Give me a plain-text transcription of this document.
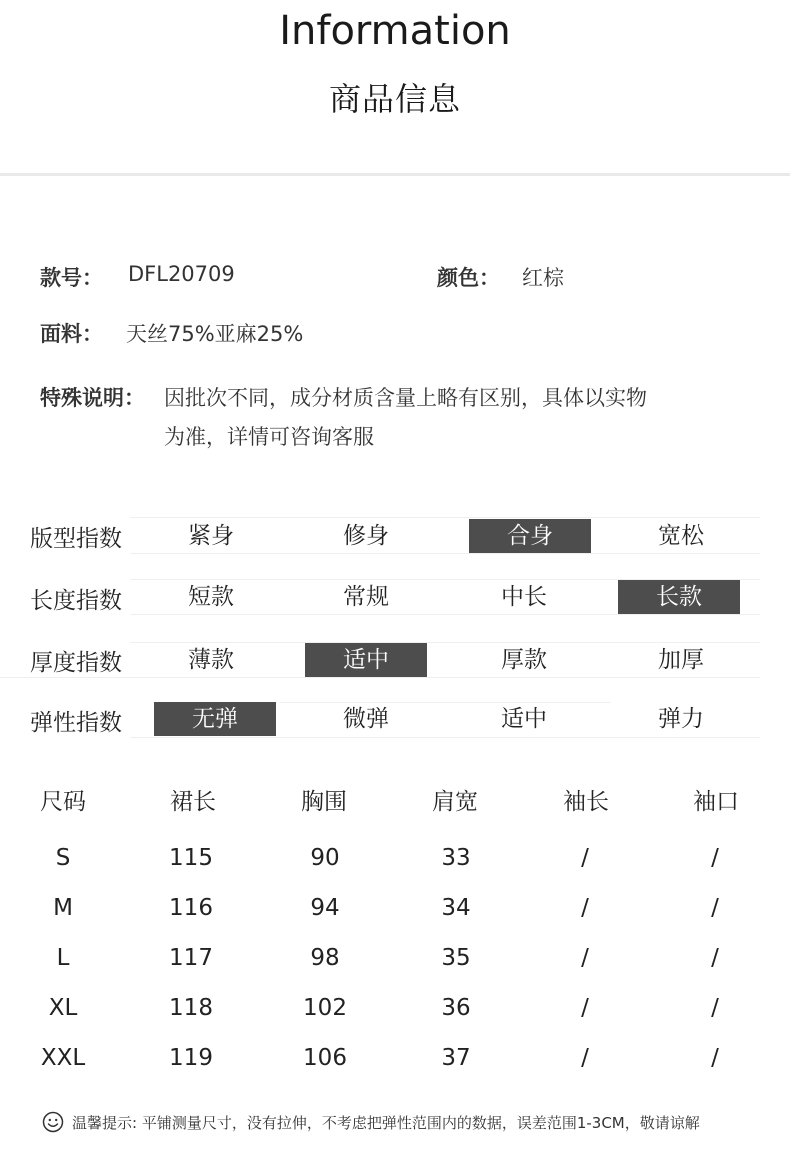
Information
商品信息
款号： DFL20709	颜色： 红棕
面料： 天丝75%亚麻25%
特殊说明： 因批次不同，成分材质含量上略有区别，具体以实物
为准，详情可咨询客服
版型指数	紧身	修身	合身	宽松
长度指数	短款	常规	中长	长款
厚度指数	薄款	适中	厚款	加厚
弹性指数	无弹	微弹	适中	弹力
尺码	裙长	胸围	肩宽	袖长	袖口
S	115	90	33	/	/
M	116	94	34	/	/
L	117	98	35	/	/
XL	118	102	36	/	/
XXL	119	106	37	/	/
温馨提示: 平铺测量尺寸，没有拉伸，不考虑把弹性范围内的数据，误差范围1-3CM，敬请谅解
